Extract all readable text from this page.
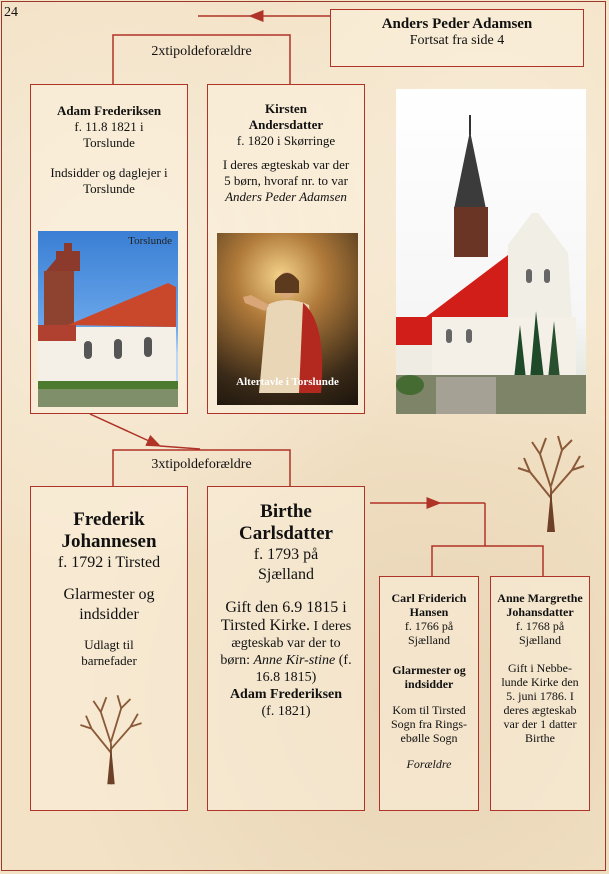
24
Anders Peder Adamsen
Fortsat fra side 4
2xtipoldeforældre
Adam Frederiksen
f. 11.8 1821 i Torslunde
Indsidder og daglejer i Torslunde
Torslunde
Kirsten Andersdatter
f. 1820 i Skørringe
I deres ægteskab var der 5 børn, hvoraf nr. to var Anders Peder Adamsen
Altertavle i Torslunde
3xtipoldeforældre
Frederik Johannesen
f. 1792 i Tirsted
Glarmester og indsidder
Udlagt til barnefader
Birthe Carlsdatter
f. 1793 på Sjælland
Gift den 6.9 1815 i Tirsted Kirke. I deres ægteskab var der to børn: Anne Kir-stine (f. 16.8 1815)
Adam Frederiksen
(f. 1821)
Carl Friderich Hansen
f. 1766 på Sjælland
Glarmester og indsidder
Kom til Tirsted Sogn fra Rings-ebølle Sogn
Forældre
Anne Margrethe Johansdatter
f. 1768 på Sjælland
Gift i Nebbe-lunde Kirke den 5. juni 1786. I deres ægteskab var der 1 datter Birthe
